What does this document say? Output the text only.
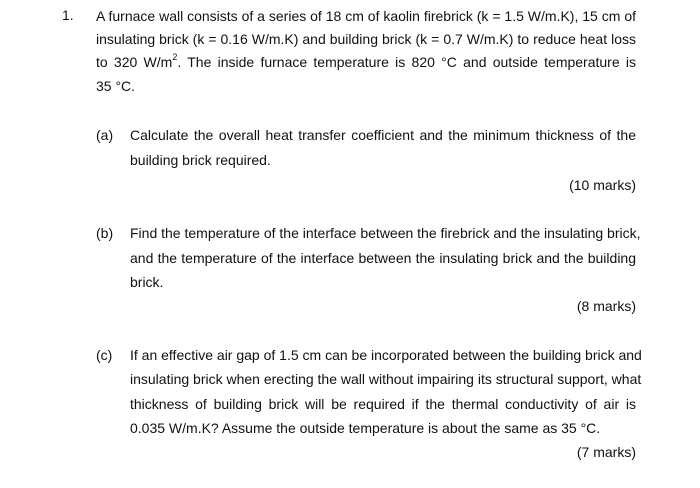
1. A furnace wall consists of a series of 18 cm of kaolin firebrick (k = 1.5 W/m.K), 15 cm of
insulating brick (k = 0.16 W/m.K) and building brick (k = 0.7 W/m.K) to reduce heat loss
to 320 $W/m^2$. The inside furnace temperature is 820 °C and outside temperature is
35 °C.
(a) Calculate the overall heat transfer coefficient and the minimum thickness of the
building brick required.
(10 marks)
(b) Find the temperature of the interface between the firebrick and the insulating brick,
and the temperature of the interface between the insulating brick and the building
brick.
(8 marks)
(c) If an effective air gap of 1.5 cm can be incorporated between the building brick and
insulating brick when erecting the wall without impairing its structural support, what
thickness of building brick will be required if the thermal conductivity of air is
0.035 W/m.K? Assume the outside temperature is about the same as 35 °C.
(7 marks)
